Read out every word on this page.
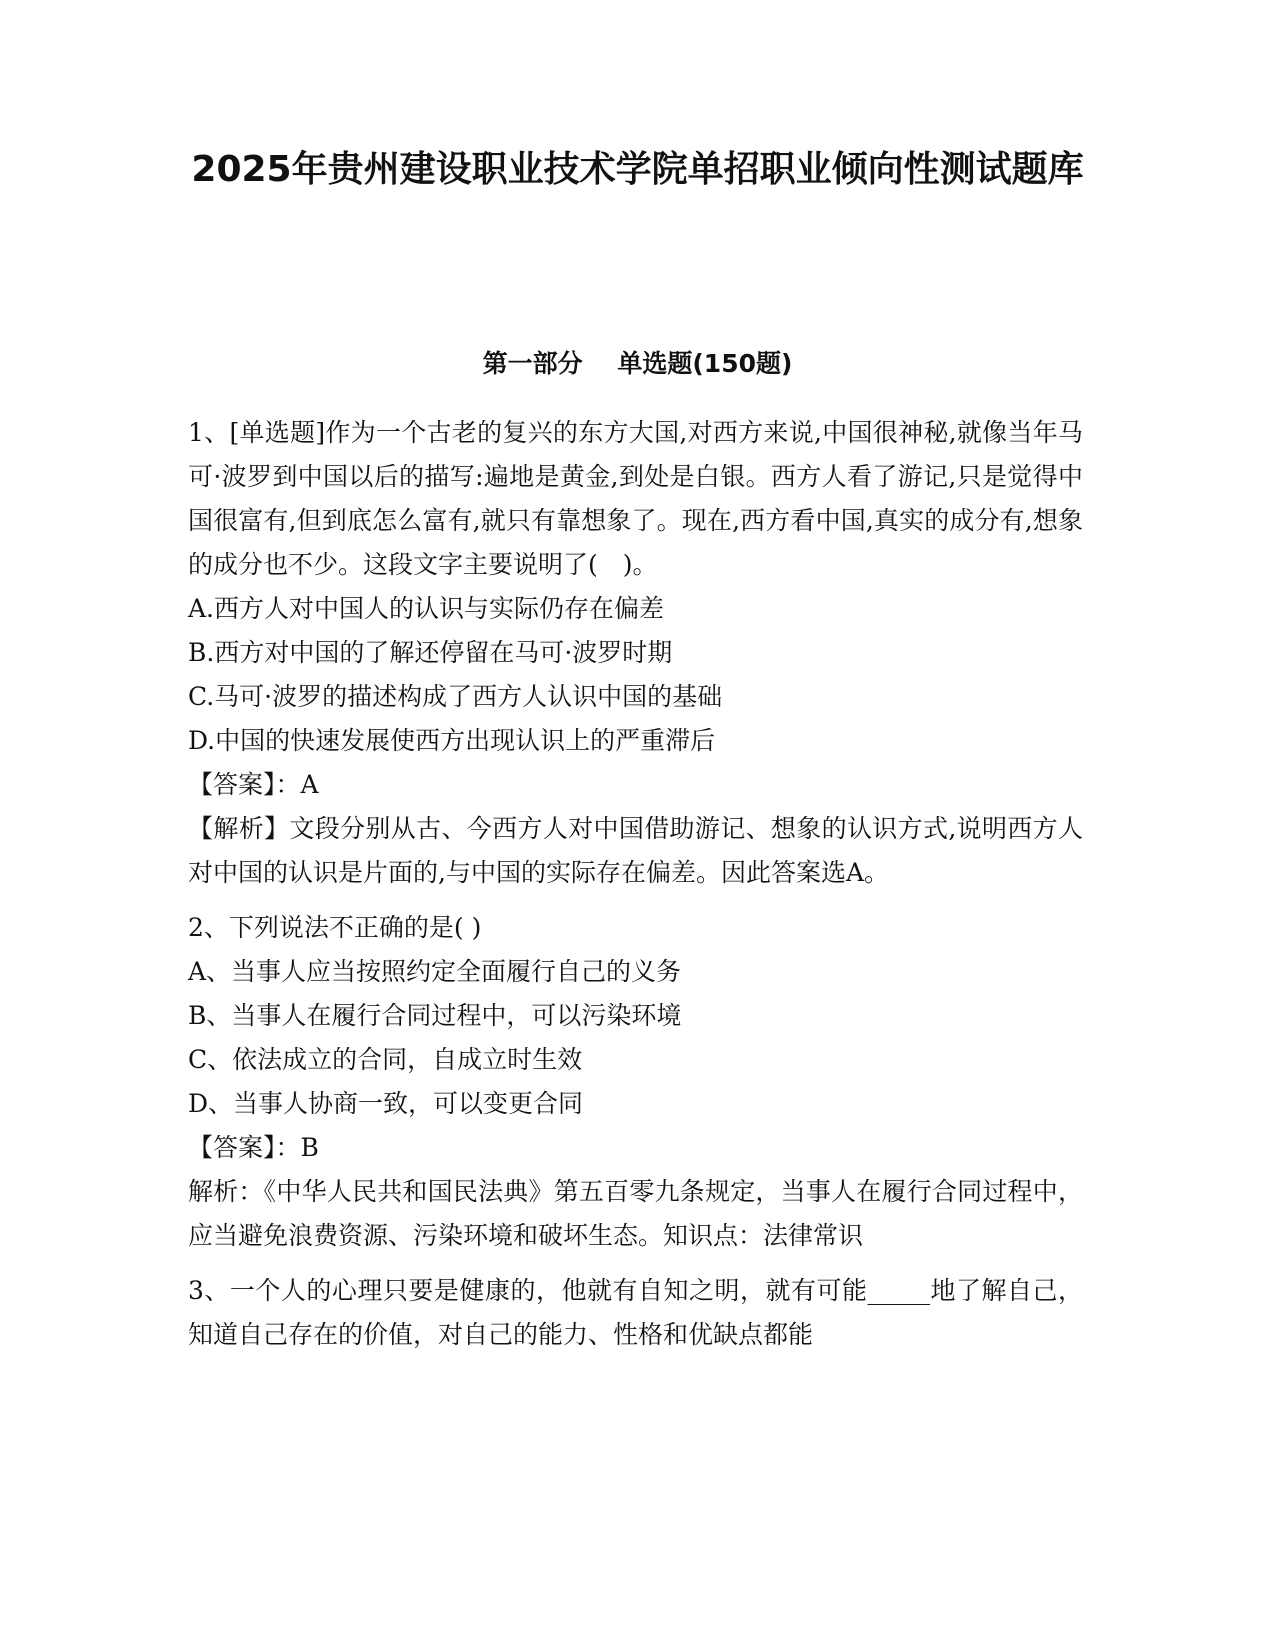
2025年贵州建设职业技术学院单招职业倾向性测试题库
第一部分    单选题(150题)

1、[单选题]作为一个古老的复兴的东方大国,对西方来说,中国很神秘,就像当年马可·波罗到中国以后的描写:遍地是黄金,到处是白银。西方人看了游记,只是觉得中国很富有,但到底怎么富有,就只有靠想象了。现在,西方看中国,真实的成分有,想象的成分也不少。这段文字主要说明了(　)。

A.西方人对中国人的认识与实际仍存在偏差

B.西方对中国的了解还停留在马可·波罗时期

C.马可·波罗的描述构成了西方人认识中国的基础

D.中国的快速发展使西方出现认识上的严重滞后

【答案】：A

【解析】文段分别从古、今西方人对中国借助游记、想象的认识方式,说明西方人对中国的认识是片面的,与中国的实际存在偏差。因此答案选A。

2、下列说法不正确的是( )

A、当事人应当按照约定全面履行自己的义务

B、当事人在履行合同过程中，可以污染环境

C、依法成立的合同，自成立时生效

D、当事人协商一致，可以变更合同

【答案】：B

解析：《中华人民共和国民法典》第五百零九条规定，当事人在履行合同过程中，应当避免浪费资源、污染环境和破坏生态。知识点：法律常识

3、一个人的心理只要是健康的，他就有自知之明，就有可能_____地了解自己，知道自己存在的价值，对自己的能力、性格和优缺点都能
